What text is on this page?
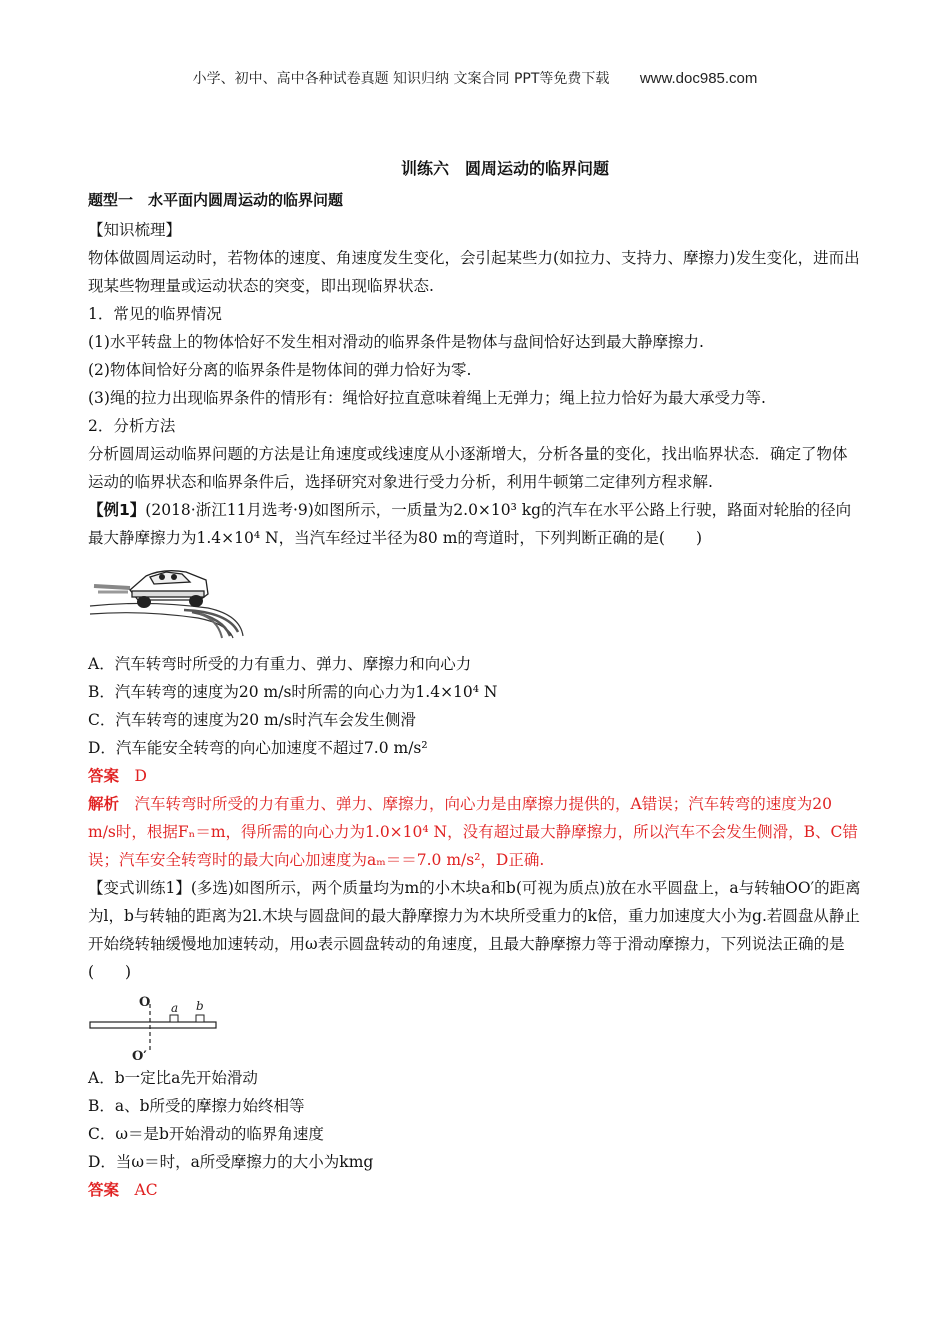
小学、初中、高中各种试卷真题 知识归纳 文案合同 PPT等免费下载 www.doc985.com
训练六　圆周运动的临界问题
题型一　水平面内圆周运动的临界问题

【知识梳理】

物体做圆周运动时，若物体的速度、角速度发生变化，会引起某些力(如拉力、支持力、摩擦力)发生变化，进而出现某些物理量或运动状态的突变，即出现临界状态.

1．常见的临界情况

(1)水平转盘上的物体恰好不发生相对滑动的临界条件是物体与盘间恰好达到最大静摩擦力.

(2)物体间恰好分离的临界条件是物体间的弹力恰好为零.

(3)绳的拉力出现临界条件的情形有：绳恰好拉直意味着绳上无弹力；绳上拉力恰好为最大承受力等.

2．分析方法

分析圆周运动临界问题的方法是让角速度或线速度从小逐渐增大，分析各量的变化，找出临界状态．确定了物体运动的临界状态和临界条件后，选择研究对象进行受力分析，利用牛顿第二定律列方程求解.

【例1】(2018·浙江11月选考·9)如图所示，一质量为2.0×10³ kg的汽车在水平公路上行驶，路面对轮胎的径向最大静摩擦力为1.4×10⁴ N，当汽车经过半径为80 m的弯道时，下列判断正确的是(　　)

A．汽车转弯时所受的力有重力、弹力、摩擦力和向心力

B．汽车转弯的速度为20 m/s时所需的向心力为1.4×10⁴ N

C．汽车转弯的速度为20 m/s时汽车会发生侧滑

D．汽车能安全转弯的向心加速度不超过7.0 m/s²

答案　 D

解析　 汽车转弯时所受的力有重力、弹力、摩擦力，向心力是由摩擦力提供的，A错误；汽车转弯的速度为20 m/s时，根据Fₙ＝m，得所需的向心力为1.0×10⁴ N，没有超过最大静摩擦力，所以汽车不会发生侧滑，B、C错误；汽车安全转弯时的最大向心加速度为aₘ＝＝7.0 m/s²，D正确.

【变式训练1】(多选)如图所示，两个质量均为m的小木块a和b(可视为质点)放在水平圆盘上，a与转轴OO′的距离为l，b与转轴的距离为2l.木块与圆盘间的最大静摩擦力为木块所受重力的k倍，重力加速度大小为g.若圆盘从静止开始绕转轴缓慢地加速转动，用ω表示圆盘转动的角速度，且最大静摩擦力等于滑动摩擦力，下列说法正确的是(　　)

O a b
O′

A．b一定比a先开始滑动

B．a、b所受的摩擦力始终相等

C．ω＝是b开始滑动的临界角速度

D．当ω＝时，a所受摩擦力的大小为kmg

答案　 AC
